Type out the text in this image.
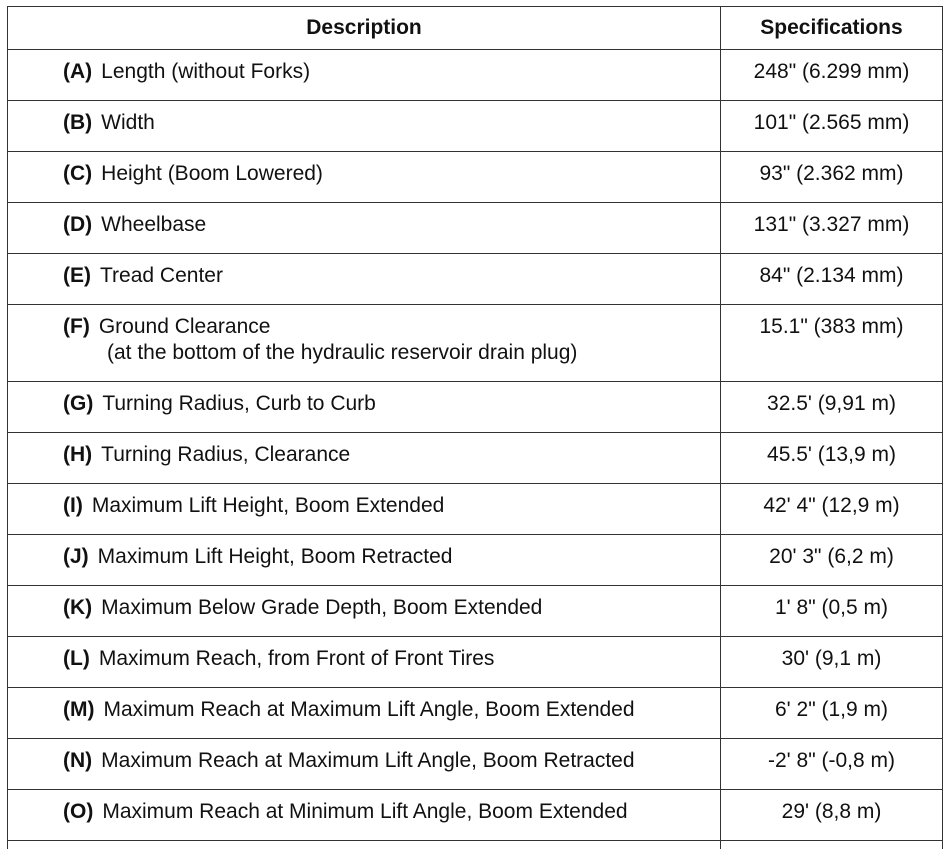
Description	Specifications
(A) Length (without Forks)	248" (6.299 mm)
(B) Width	101" (2.565 mm)
(C) Height (Boom Lowered)	93" (2.362 mm)
(D) Wheelbase	131" (3.327 mm)
(E) Tread Center	84" (2.134 mm)
(F) Ground Clearance
(at the bottom of the hydraulic reservoir drain plug)	15.1" (383 mm)
(G) Turning Radius, Curb to Curb	32.5' (9,91 m)
(H) Turning Radius, Clearance	45.5' (13,9 m)
(I) Maximum Lift Height, Boom Extended	42' 4" (12,9 m)
(J) Maximum Lift Height, Boom Retracted	20' 3" (6,2 m)
(K) Maximum Below Grade Depth, Boom Extended	1' 8" (0,5 m)
(L) Maximum Reach, from Front of Front Tires	30' (9,1 m)
(M) Maximum Reach at Maximum Lift Angle, Boom Extended	6' 2" (1,9 m)
(N) Maximum Reach at Maximum Lift Angle, Boom Retracted	-2' 8" (-0,8 m)
(O) Maximum Reach at Minimum Lift Angle, Boom Extended	29' (8,8 m)
